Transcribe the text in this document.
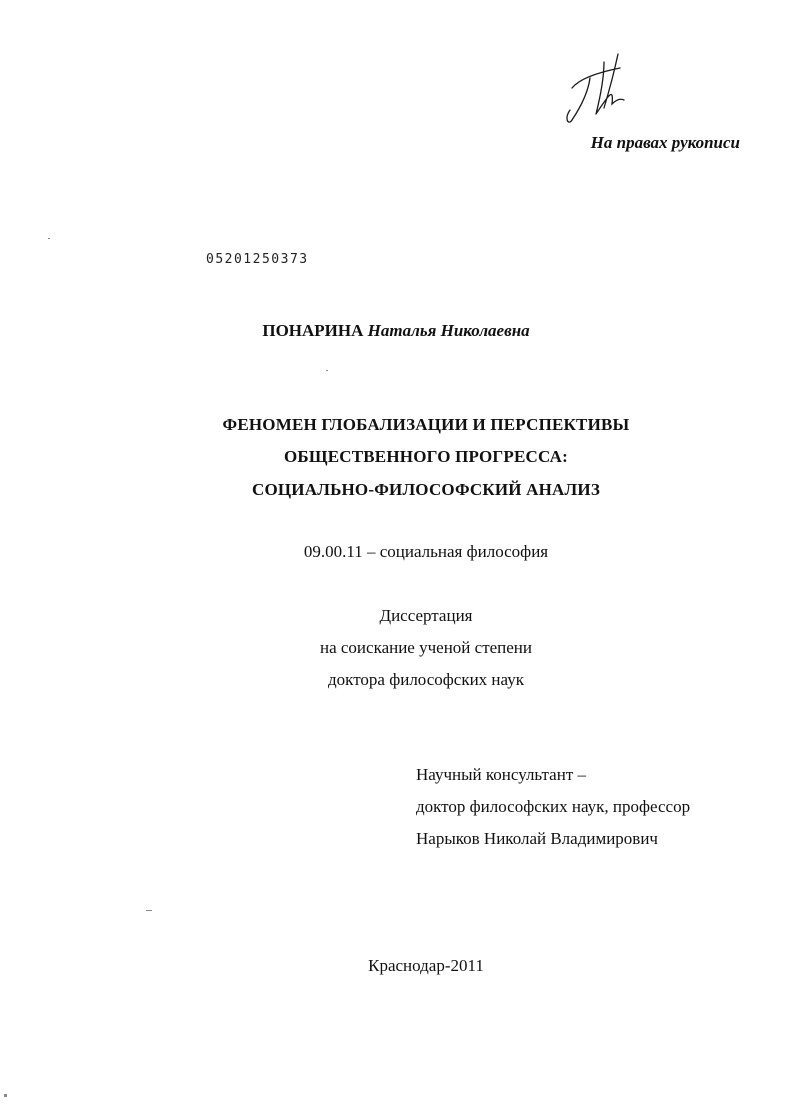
На правах рукописи
05201250373
ПОНАРИНА Наталья Николаевна
ФЕНОМЕН ГЛОБАЛИЗАЦИИ И ПЕРСПЕКТИВЫ
ОБЩЕСТВЕННОГО ПРОГРЕССА:
СОЦИАЛЬНО-ФИЛОСОФСКИЙ АНАЛИЗ
09.00.11 – социальная философия
Диссертация
на соискание ученой степени
доктора философских наук
Научный консультант –
доктор философских наук, профессор
Нарыков Николай Владимирович
Краснодар-2011
